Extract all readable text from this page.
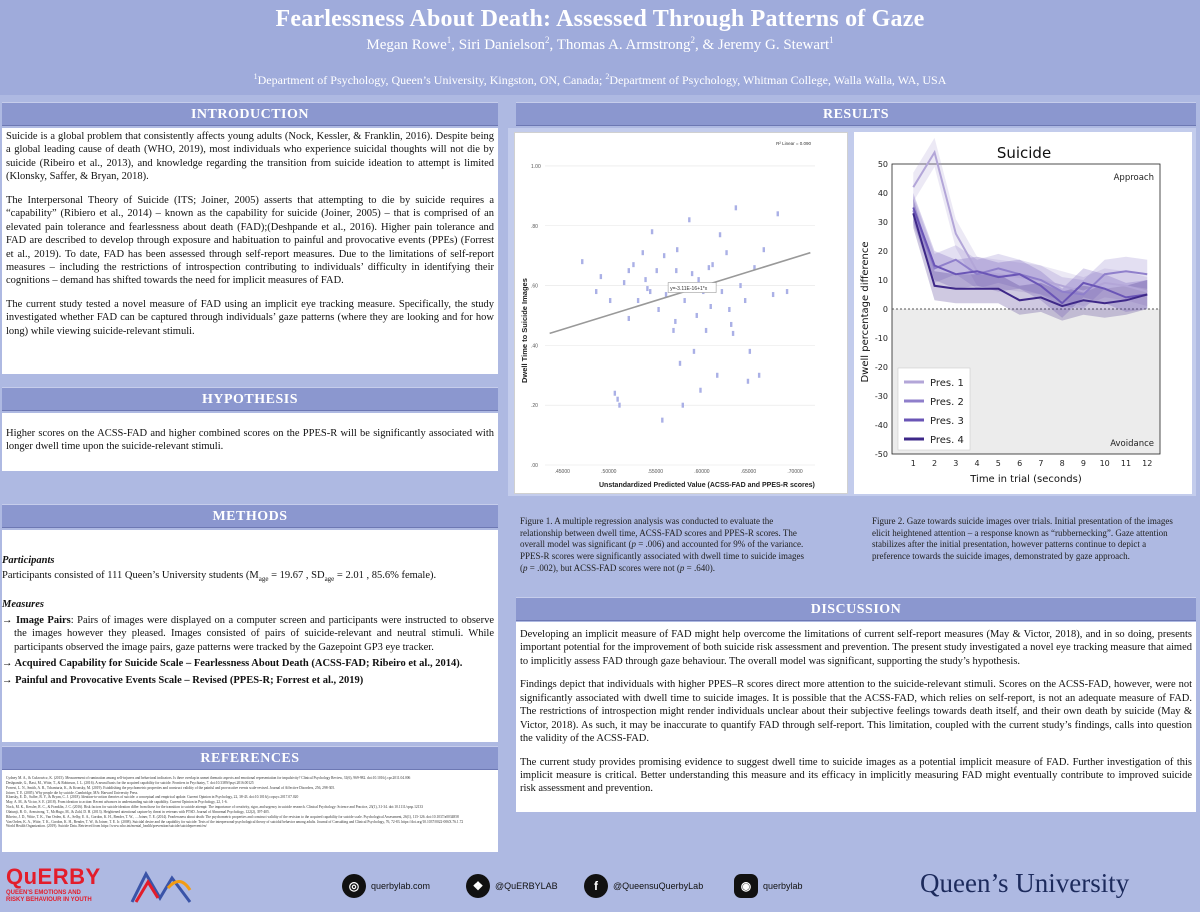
Fearlessness About Death: Assessed Through Patterns of Gaze
Megan Rowe$^1$, Siri Danielson$^2$, Thomas A. Armstrong$^2$, & Jeremy G. Stewart$^1$
$^1$Department of Psychology, Queen’s University, Kingston, ON, Canada; $^2$Department of Psychology, Whitman College, Walla Walla, WA, USA
INTRODUCTION

Suicide is a global problem that consistently affects young adults (Nock, Kessler, & Franklin, 2016). Despite being a global leading cause of death (WHO, 2019), most individuals who experience suicidal thoughts will not die by suicide (Ribeiro et al., 2013), and knowledge regarding the transition from suicide ideation to attempt is limited (Klonsky, Saffer, & Bryan, 2018).

The Interpersonal Theory of Suicide (ITS; Joiner, 2005) asserts that attempting to die by suicide requires a “capability” (Ribiero et al., 2014) – known as the capability for suicide (Joiner, 2005) – that is comprised of an elevated pain tolerance and fearlessness about death (FAD);(Deshpande et al., 2016). Higher pain tolerance and FAD are described to develop through exposure and habituation to painful and provocative events (PPEs) (Forrest et al., 2019). To date, FAD has been assessed through self-report measures. Due to the limitations of self-report measures – including the restrictions of introspection contributing to individuals’ difficulty in identifying their cognitions – demand has shifted towards the need for implicit measures of FAD.

The current study tested a novel measure of FAD using an implicit eye tracking measure. Specifically, the study investigated whether FAD can be captured through individuals’ gaze patterns (where they are looking and for how long) while viewing suicide-relevant stimuli.

HYPOTHESIS

Higher scores on the ACSS-FAD and higher combined scores on the PPES-R will be significantly associated with longer dwell time upon the suicide-relevant stimuli.

METHODS
Participants

Participants consisted of 111 Queen’s University students ($M_{age} = 19.67$ , $SD_{age} = 2.01$ , 85.6% female).

Measures
→ Image Pairs: Pairs of images were displayed on a computer screen and participants were instructed to observe the images however they pleased. Images consisted of pairs of suicide-relevant and neutral stimuli. While participants observed the image pairs, gaze patterns were tracked by the Gazepoint GP3 eye tracker.
→ Acquired Capability for Suicide Scale – Fearlessness About Death (ACSS-FAD; Ribeiro et al., 2014).
→ Painful and Provocative Events Scale – Revised (PPES-R; Forrest et al., 2019)
REFERENCES

Cydney M. A., & Cukrowicz, K. (2015). Measurement of rumination among self-injurers and behavioral indicators. Is there overlap in unmet thematic aspects and emotional representation for impulsivity? Clinical Psychology Review, 31(6), 969-982. doi:10.1016/j.cpr.2011.04.006

Deshpande, G., Baxi, M., Witte, T., & Robinson, J. L. (2016). A neural basis for the acquired capability for suicide. Frontiers in Psychiatry, 7. doi:10.3389/fpsyt.2016.00125

Forrest, L. N., Smith, A. R., Tchanturia, K., & Kronsky, M. (2019). Establishing the psychometric properties and construct validity of the painful and provocative events scale-revised. Journal of Affective Disorders, 256, 298-305.

Joiner, T. E. (2005). Why people die by suicide. Cambridge, MA: Harvard University Press.

Klonsky, E. D., Saffer, B. Y., & Bryan, C. J. (2018). Ideation-to-action theories of suicide: a conceptual and empirical update. Current Opinion in Psychology, 22, 38-43. doi:10.1016/j.copsyc.2017.07.020

May, A. M., & Victor, S. E. (2018). From ideation to action: Recent advances in understanding suicide capability. Current Opinion in Psychology, 22, 1-6.

Nock, M. K., Kessler, R. C., & Franklin, J. C. (2016). Risk factors for suicide ideation differ from those for the transition to suicide attempt: The importance of creativity, rigor, and urgency in suicide research. Clinical Psychology: Science and Practice, 23(1), 31-34. doi:10.1111/cpsp.12133

Olatunji, B. O., Armstrong, T., McHugo, M., & Zald, D. H. (2013). Heightened attentional capture by threat in veterans with PTSD. Journal of Abnormal Psychology, 122(2), 397-405.

Ribeiro, J. D., Witte, T. K., Van Orden, K. A., Selby, E. A., Gordon, K. H., Bender, T. W., ... Joiner, T. E. (2014). Fearlessness about death: The psychometric properties and construct validity of the revision to the acquired capability for suicide scale. Psychological Assessment, 26(1), 115-126. doi:10.1037/a0034858

Van Orden, K. A., Witte, T. K., Gordon, K. H., Bender, T. W., & Joiner, T. E. Jr. (2008). Suicidal desire and the capability for suicide: Tests of the interpersonal-psychological theory of suicidal behavior among adults. Journal of Consulting and Clinical Psychology, 76, 72-83. https://doi.org/10.1037/0022-006X.76.1.72

World Health Organization. (2019). Suicide Data. Retrieved from https://www.who.int/mental_health/prevention/suicide/suicideprevent/en/

RESULTS
.00
.20
.40
.60
.80
1.00
.45000	.50000	.55000	.60000	.65000	.70000
y=-3.11E-16+1*x
R² Linear = 0.090
Unstandardized Predicted Value (ACSS-FAD and PPES-R scores)
Dwell Time to Suicide Images
50
40
30
20
10
0
-10
-20
-30
-40
-50
1 2 3 4 5 6 7 8 9 10 11 12
Suicide
Approach
Avoidance
Time in trial (seconds)
Dwell percentage difference
Pres. 1
Pres. 2
Pres. 3
Pres. 4
Figure 1. A multiple regression analysis was conducted to evaluate the relationship between dwell time, ACSS-FAD scores and PPES-R scores. The overall model was significant (p = .006) and accounted for 9% of the variance. PPES-R scores were significantly associated with dwell time to suicide images (p = .002), but ACSS-FAD scores were not (p = .640).
Figure 2. Gaze towards suicide images over trials. Initial presentation of the images elicit heightened attention – a response known as “rubbernecking”. Gaze attention stabilizes after the initial presentation, however patterns continue to depict a preference towards the suicide images, demonstrated by gaze approach.
DISCUSSION

Developing an implicit measure of FAD might help overcome the limitations of current self-report measures (May & Victor, 2018), and in so doing, presents important potential for the improvement of both suicide risk assessment and prevention. The present study investigated a novel eye tracking measure that aimed to implicitly assess FAD through gaze behaviour. The overall model was significant, supporting the study’s hypothesis.

Findings depict that individuals with higher PPES–R scores direct more attention to the suicide-relevant stimuli. Scores on the ACSS-FAD, however, were not significantly associated with dwell time to suicide images. It is possible that the ACSS-FAD, which relies on self-report, is not an adequate measure of FAD. The restrictions of introspection might render individuals unclear about their subjective feelings towards death itself, and their own death by suicide (May & Victor, 2018). As such, it may be inaccurate to quantify FAD through self-report. This limitation, coupled with the current study’s findings, calls into question the validity of the ACSS-FAD.

The current study provides promising evidence to suggest dwell time to suicide images as a potential implicit measure of FAD. Further investigation of this implicit measure is critical. Better understanding this measure and its efficacy in implicitly measuring FAD might eventually contribute to improved suicide risk assessment and prevention.

QuERBY
QUEEN'S EMOTIONS AND
RISKY BEHAVIOUR IN YOUTH
◎	querbylab.com	❖	@QuERBYLAB	f	@QueensuQuerbyLab	◉	querbylab	Queen’s University
